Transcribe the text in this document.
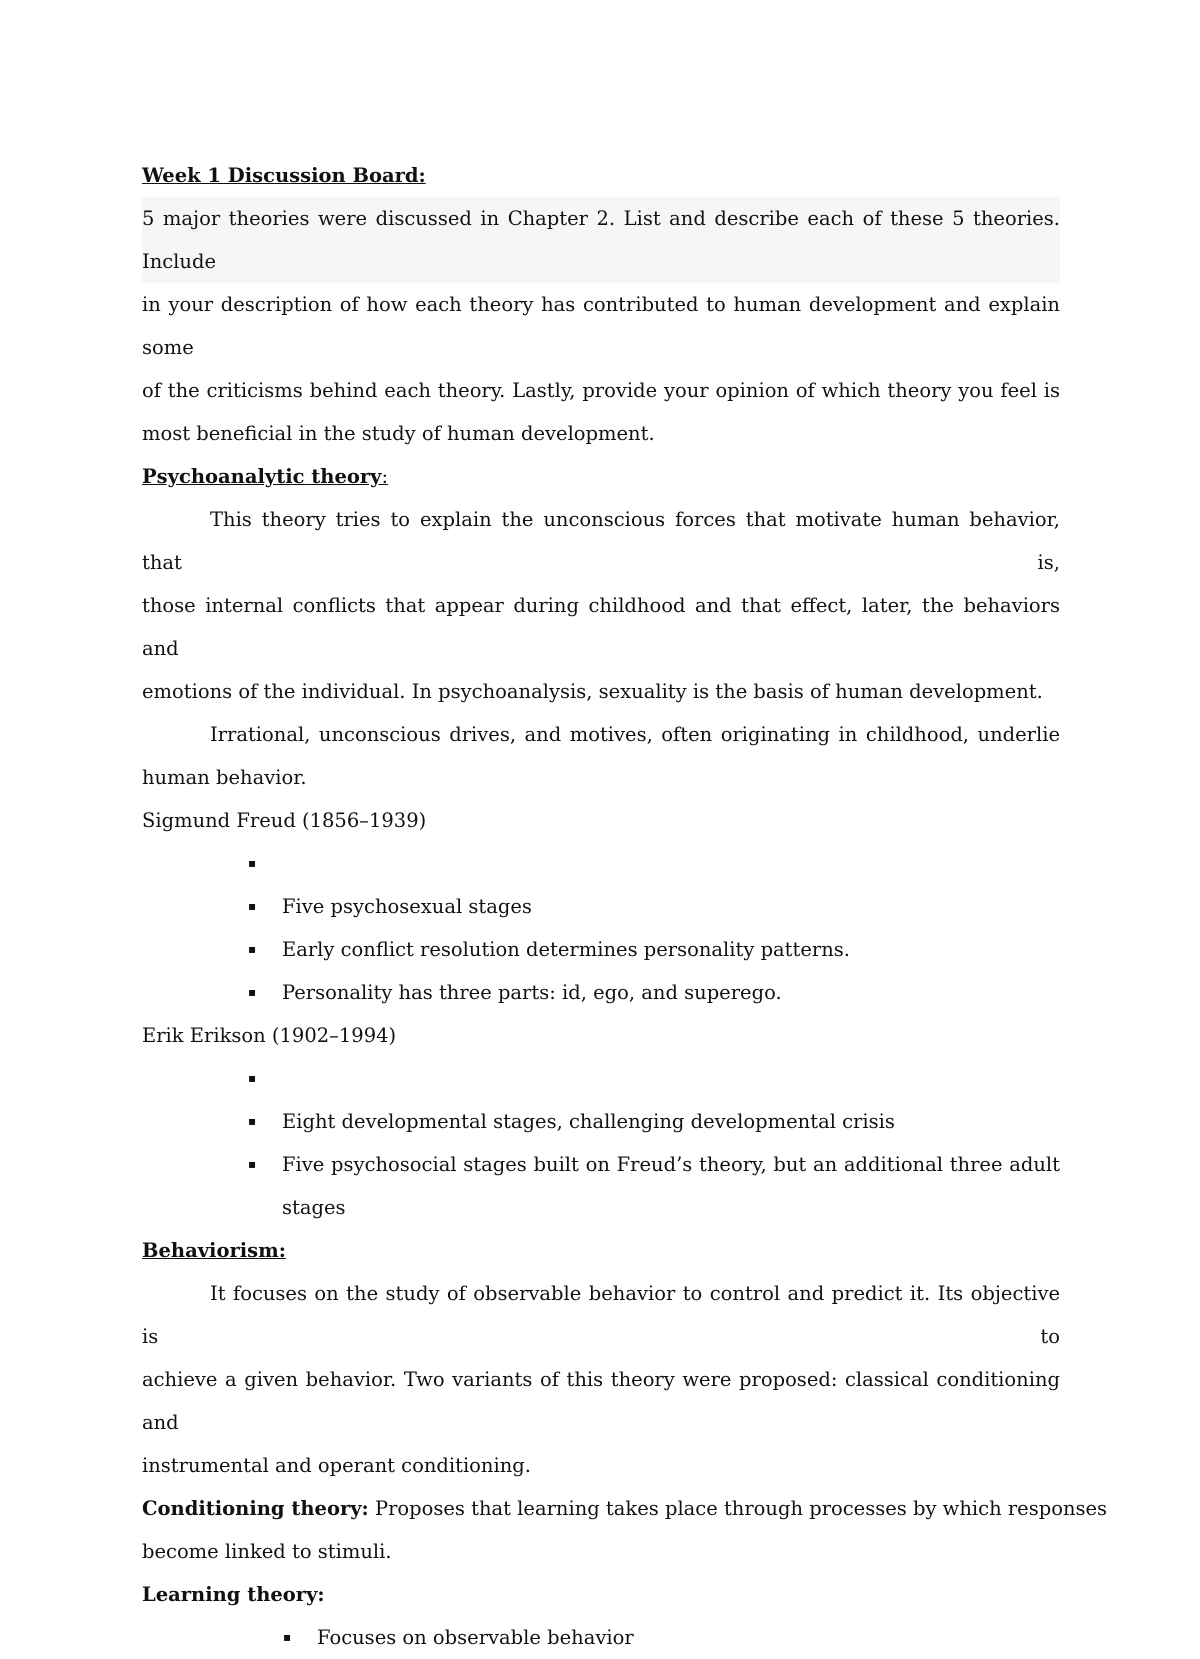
Week 1 Discussion Board:

5 major theories were discussed in Chapter 2. List and describe each of these 5 theories. Include

in your description of how each theory has contributed to human development and explain some

of the criticisms behind each theory. Lastly, provide your opinion of which theory you feel is

most beneficial in the study of human development.

Psychoanalytic theory:

This theory tries to explain the unconscious forces that motivate human behavior, that is,

those internal conflicts that appear during childhood and that effect, later, the behaviors and

emotions of the individual. In psychoanalysis, sexuality is the basis of human development.

Irrational, unconscious drives, and motives, often originating in childhood, underlie

human behavior.

Sigmund Freud (1856–1939)

▪
▪ Five psychosexual stages
▪ Early conflict resolution determines personality patterns.
▪ Personality has three parts: id, ego, and superego.

Erik Erikson (1902–1994)

▪
▪ Eight developmental stages, challenging developmental crisis
▪ Five psychosocial stages built on Freud’s theory, but an additional three adult
stages

Behaviorism:

It focuses on the study of observable behavior to control and predict it. Its objective is to

achieve a given behavior. Two variants of this theory were proposed: classical conditioning and

instrumental and operant conditioning.

Conditioning theory: Proposes that learning takes place through processes by which responses

become linked to stimuli.

Learning theory:

▪ Focuses on observable behavior
